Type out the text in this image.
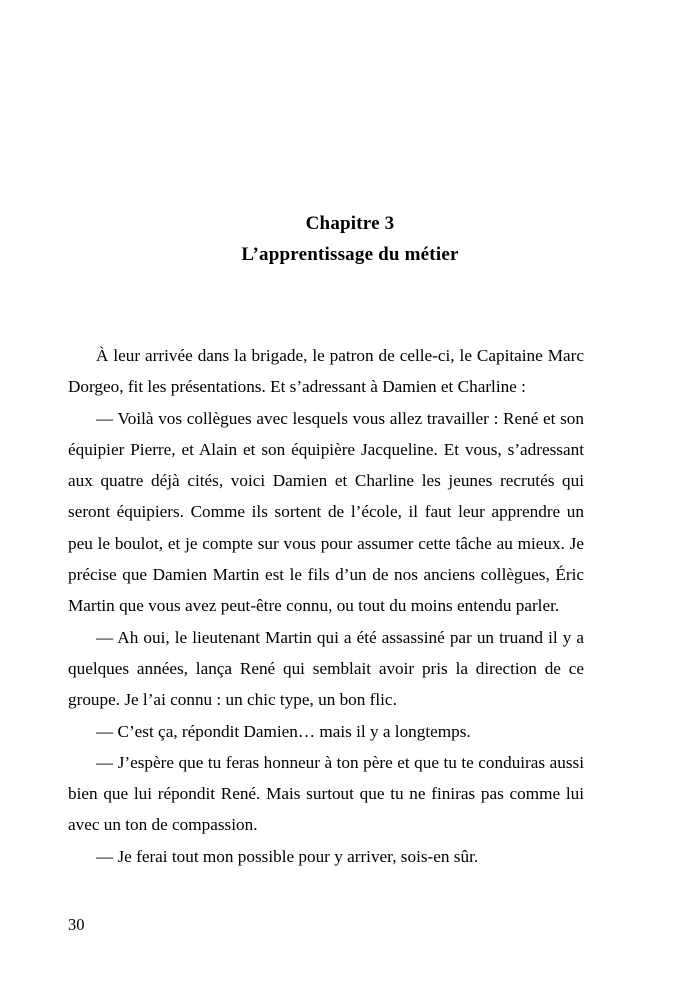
Chapitre 3
L’apprentissage du métier

À leur arrivée dans la brigade, le patron de celle-ci, le Capitaine Marc Dorgeo, fit les présentations. Et s’adressant à Damien et Charline :

— Voilà vos collègues avec lesquels vous allez travailler : René et son équipier Pierre, et Alain et son équipière Jacqueline. Et vous, s’adressant aux quatre déjà cités, voici Damien et Charline les jeunes recrutés qui seront équipiers. Comme ils sortent de l’école, il faut leur apprendre un peu le boulot, et je compte sur vous pour assumer cette tâche au mieux. Je précise que Damien Martin est le fils d’un de nos anciens collègues, Éric Martin que vous avez peut-être connu, ou tout du moins entendu parler.

— Ah oui, le lieutenant Martin qui a été assassiné par un truand il y a quelques années, lança René qui semblait avoir pris la direction de ce groupe. Je l’ai connu : un chic type, un bon flic.

— C’est ça, répondit Damien… mais il y a longtemps.

— J’espère que tu feras honneur à ton père et que tu te conduiras aussi bien que lui répondit René. Mais surtout que tu ne finiras pas comme lui avec un ton de compassion.

— Je ferai tout mon possible pour y arriver, sois-en sûr.

30
